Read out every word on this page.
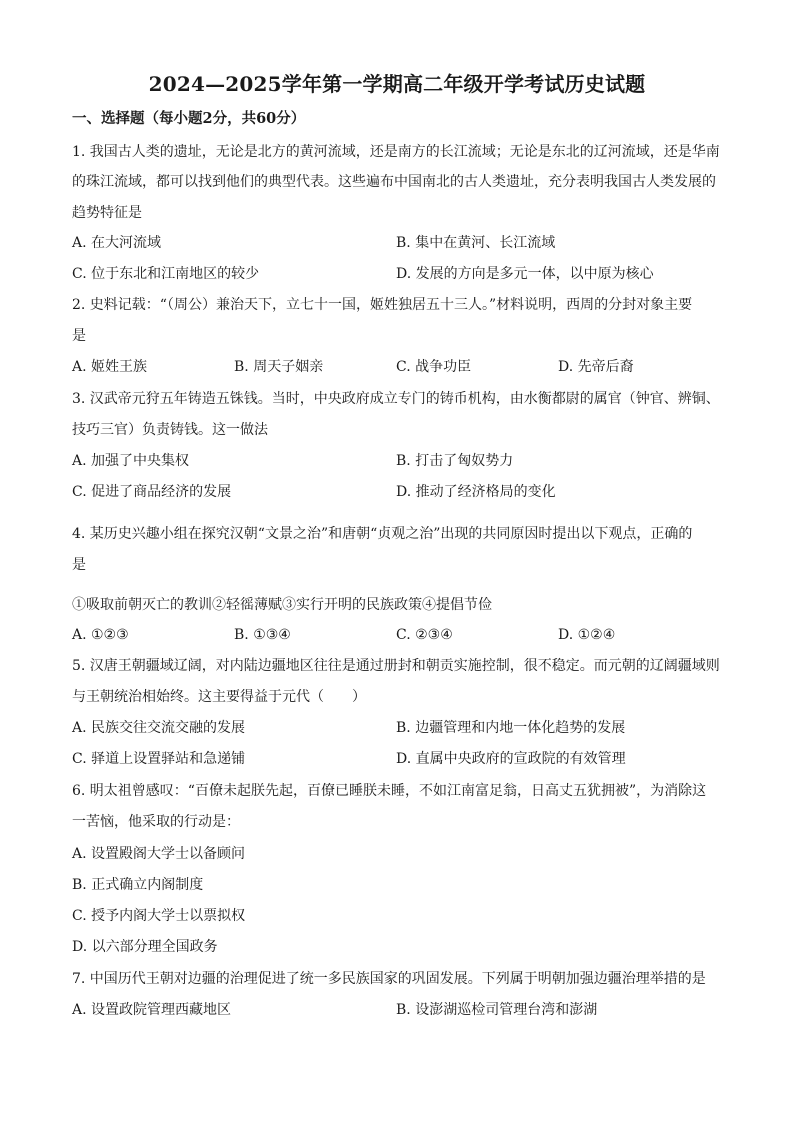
2024—2025学年第一学期高二年级开学考试历史试题
一、选择题（每小题2分，共60分）
1. 我国古人类的遗址，无论是北方的黄河流域，还是南方的长江流域；无论是东北的辽河流域，还是华南
的珠江流域，都可以找到他们的典型代表。这些遍布中国南北的古人类遗址，充分表明我国古人类发展的
趋势特征是
A. 在大河流域	B. 集中在黄河、长江流域
C. 位于东北和江南地区的较少	D. 发展的方向是多元一体，以中原为核心
2. 史料记载：“（周公）兼治天下，立七十一国，姬姓独居五十三人。”材料说明，西周的分封对象主要
是
A. 姬姓王族	B. 周天子姻亲	C. 战争功臣	D. 先帝后裔
3. 汉武帝元狩五年铸造五铢钱。当时，中央政府成立专门的铸币机构，由水衡都尉的属官（钟官、辨铜、
技巧三官）负责铸钱。这一做法
A. 加强了中央集权	B. 打击了匈奴势力
C. 促进了商品经济的发展	D. 推动了经济格局的变化
4. 某历史兴趣小组在探究汉朝“文景之治”和唐朝“贞观之治”出现的共同原因时提出以下观点，正确的
是
①吸取前朝灭亡的教训②轻徭薄赋③实行开明的民族政策④提倡节俭
A. ①②③	B. ①③④	C. ②③④	D. ①②④
5. 汉唐王朝疆域辽阔，对内陆边疆地区往往是通过册封和朝贡实施控制，很不稳定。而元朝的辽阔疆域则
与王朝统治相始终。这主要得益于元代（　　）
A. 民族交往交流交融的发展	B. 边疆管理和内地一体化趋势的发展
C. 驿道上设置驿站和急递铺	D. 直属中央政府的宣政院的有效管理
6. 明太祖曾感叹：“百僚未起朕先起，百僚已睡朕未睡，不如江南富足翁，日高丈五犹拥被”，为消除这
一苦恼，他采取的行动是：
A. 设置殿阁大学士以备顾问
B. 正式确立内阁制度
C. 授予内阁大学士以票拟权
D. 以六部分理全国政务
7. 中国历代王朝对边疆的治理促进了统一多民族国家的巩固发展。下列属于明朝加强边疆治理举措的是
A. 设置政院管理西藏地区	B. 设澎湖巡检司管理台湾和澎湖
